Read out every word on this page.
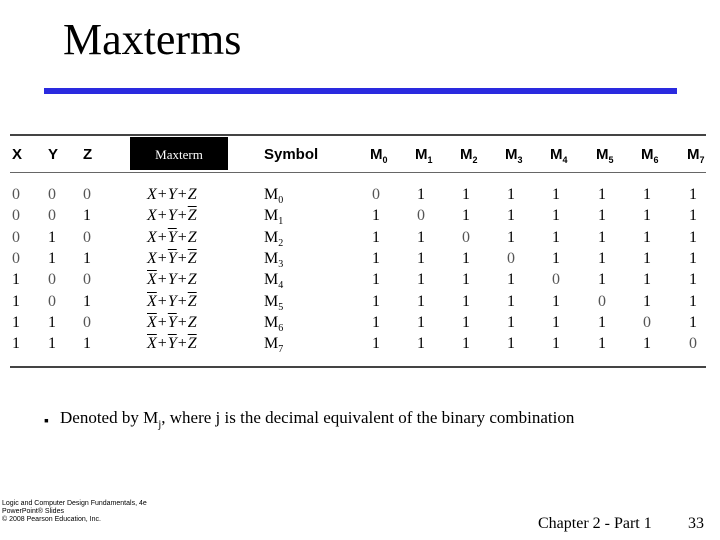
Maxterms
X Y Z	Maxterm	Symbol	$M_0$ $M_1$ $M_2$ $M_3$ $M_4$ $M_5$ $M_6$ $M_7$
0 0 0	X+Y+Z	$M_0$	0 1 1 1 1 1 1 1
0 0 1	$X+Y+\overline{Z}$	$M_1$	1 0 1 1 1 1 1 1
0 1 0	$X+\overline{Y}+Z$	$M_2$	1 1 0 1 1 1 1 1
0 1 1	$X+\overline{Y}+\overline{Z}$	$M_3$	1 1 1 0 1 1 1 1
1 0 0	$\overline{X}+Y+Z$	$M_4$	1 1 1 1 0 1 1 1
1 0 1	$\overline{X}+Y+\overline{Z}$	$M_5$	1 1 1 1 1 0 1 1
1 1 0	$\overline{X}+\overline{Y}+Z$	$M_6$	1 1 1 1 1 1 0 1
1 1 1	$\overline{X}+\overline{Y}+\overline{Z}$	$M_7$	1 1 1 1 1 1 1 0
▪ Denoted by $M_j$, where j is the decimal equivalent of the binary combination
Logic and Computer Design Fundamentals, 4e
PowerPoint® Slides
© 2008 Pearson Education, Inc.	Chapter 2 - Part 1 33
